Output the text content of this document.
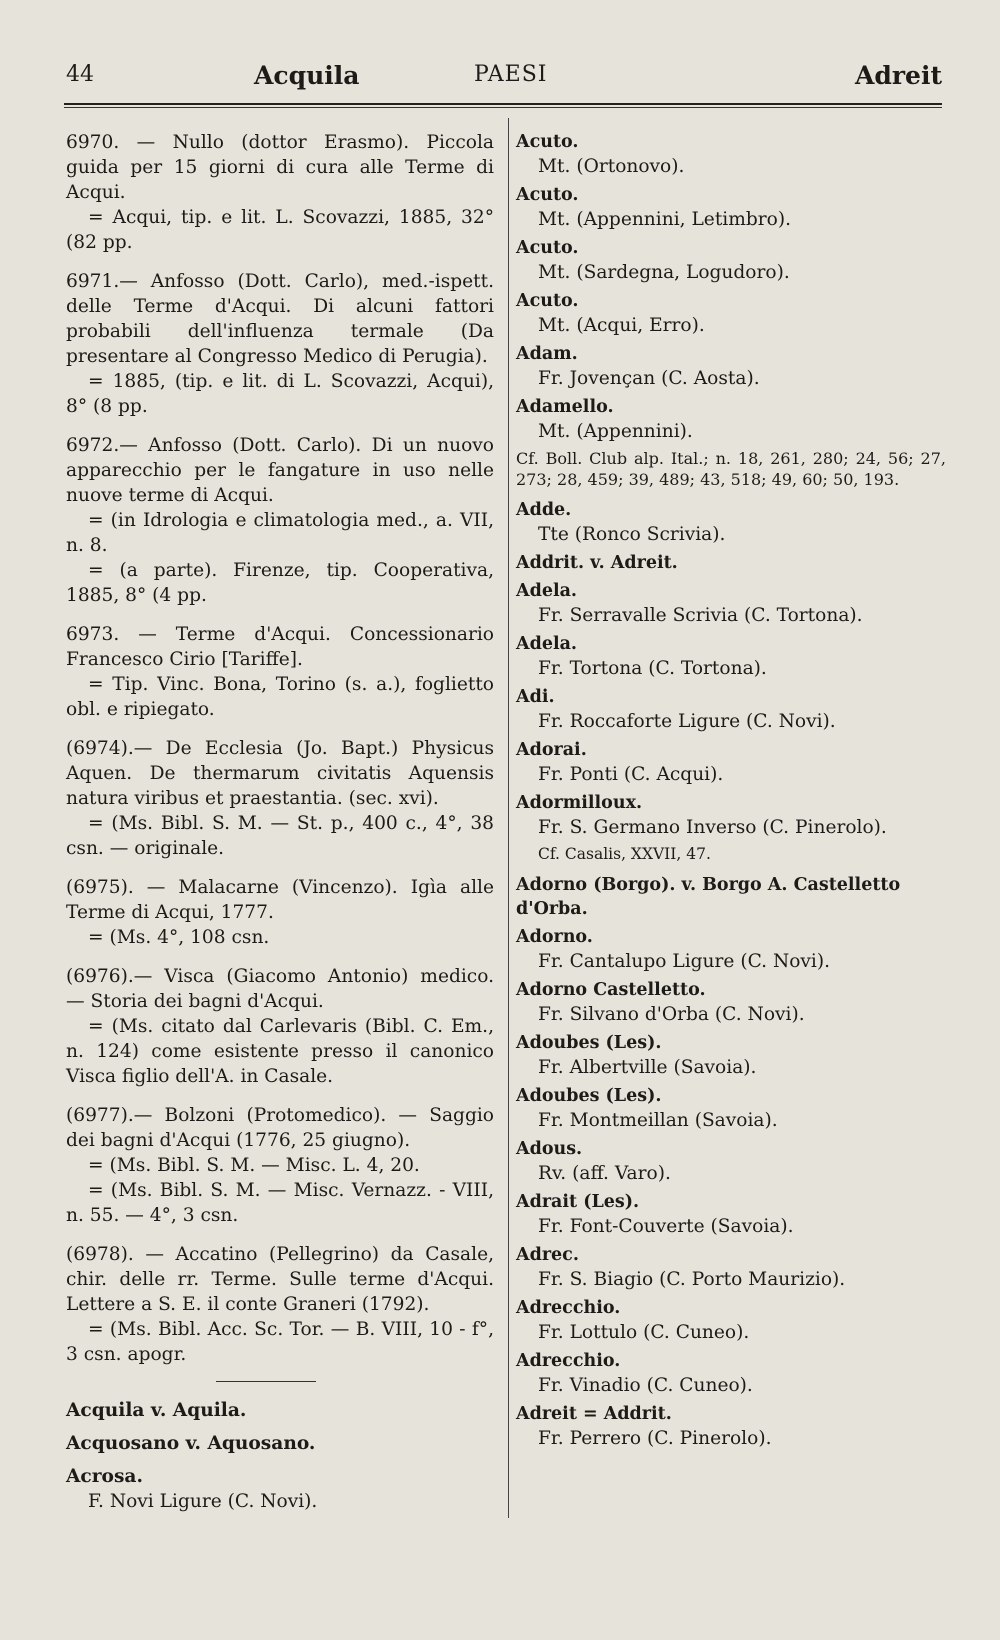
44	Acquila	PAESI	Adreit

6970. — Nullo (dottor Erasmo). Piccola guida per 15 giorni di cura alle Terme di Acqui.

= Acqui, tip. e lit. L. Scovazzi, 1885, 32° (82 pp.

6971.— Anfosso (Dott. Carlo), med.-ispett. delle Terme d'Acqui. Di alcuni fattori probabili dell'influenza termale (Da presentare al Congresso Medico di Perugia).

= 1885, (tip. e lit. di L. Scovazzi, Acqui), 8° (8 pp.

6972.— Anfosso (Dott. Carlo). Di un nuovo apparecchio per le fangature in uso nelle nuove terme di Acqui.

= (in Idrologia e climatologia med., a. VII, n. 8.

= (a parte). Firenze, tip. Cooperativa, 1885, 8° (4 pp.

6973. — Terme d'Acqui. Concessionario Francesco Cirio [Tariffe].

= Tip. Vinc. Bona, Torino (s. a.), foglietto obl. e ripiegato.

(6974).— De Ecclesia (Jo. Bapt.) Physicus Aquen. De thermarum civitatis Aquensis natura viribus et praestantia. (sec. xvi).

= (Ms. Bibl. S. M. — St. p., 400 c., 4°, 38 csn. — originale.

(6975). — Malacarne (Vincenzo). Igìa alle Terme di Acqui, 1777.

= (Ms. 4°, 108 csn.

(6976).— Visca (Giacomo Antonio) medico. — Storia dei bagni d'Acqui.

= (Ms. citato dal Carlevaris (Bibl. C. Em., n. 124) come esistente presso il canonico Visca figlio dell'A. in Casale.

(6977).— Bolzoni (Protomedico). — Saggio dei bagni d'Acqui (1776, 25 giugno).

= (Ms. Bibl. S. M. — Misc. L. 4, 20.

= (Ms. Bibl. S. M. — Misc. Vernazz. - VIII, n. 55. — 4°, 3 csn.

(6978). — Accatino (Pellegrino) da Casale, chir. delle rr. Terme. Sulle terme d'Acqui. Lettere a S. E. il conte Graneri (1792).

= (Ms. Bibl. Acc. Sc. Tor. — B. VIII, 10 - f°, 3 csn. apogr.

Acquila v. Aquila.

Acquosano v. Aquosano.

Acrosa.

F. Novi Ligure (C. Novi).

Acuto.

Mt. (Ortonovo).

Acuto.

Mt. (Appennini, Letimbro).

Acuto.

Mt. (Sardegna, Logudoro).

Acuto.

Mt. (Acqui, Erro).

Adam.

Fr. Jovençan (C. Aosta).

Adamello.

Mt. (Appennini).

Cf. Boll. Club alp. Ital.; n. 18, 261, 280; 24, 56; 27, 273; 28, 459; 39, 489; 43, 518; 49, 60; 50, 193.

Adde.

Tte (Ronco Scrivia).

Addrit. v. Adreit.

Adela.

Fr. Serravalle Scrivia (C. Tortona).

Adela.

Fr. Tortona (C. Tortona).

Adi.

Fr. Roccaforte Ligure (C. Novi).

Adorai.

Fr. Ponti (C. Acqui).

Adormilloux.

Fr. S. Germano Inverso (C. Pinerolo).

Cf. Casalis, XXVII, 47.

Adorno (Borgo). v. Borgo A. Castelletto d'Orba.

Adorno.

Fr. Cantalupo Ligure (C. Novi).

Adorno Castelletto.

Fr. Silvano d'Orba (C. Novi).

Adoubes (Les).

Fr. Albertville (Savoia).

Adoubes (Les).

Fr. Montmeillan (Savoia).

Adous.

Rv. (aff. Varo).

Adrait (Les).

Fr. Font-Couverte (Savoia).

Adrec.

Fr. S. Biagio (C. Porto Maurizio).

Adrecchio.

Fr. Lottulo (C. Cuneo).

Adrecchio.

Fr. Vinadio (C. Cuneo).

Adreit = Addrit.

Fr. Perrero (C. Pinerolo).
